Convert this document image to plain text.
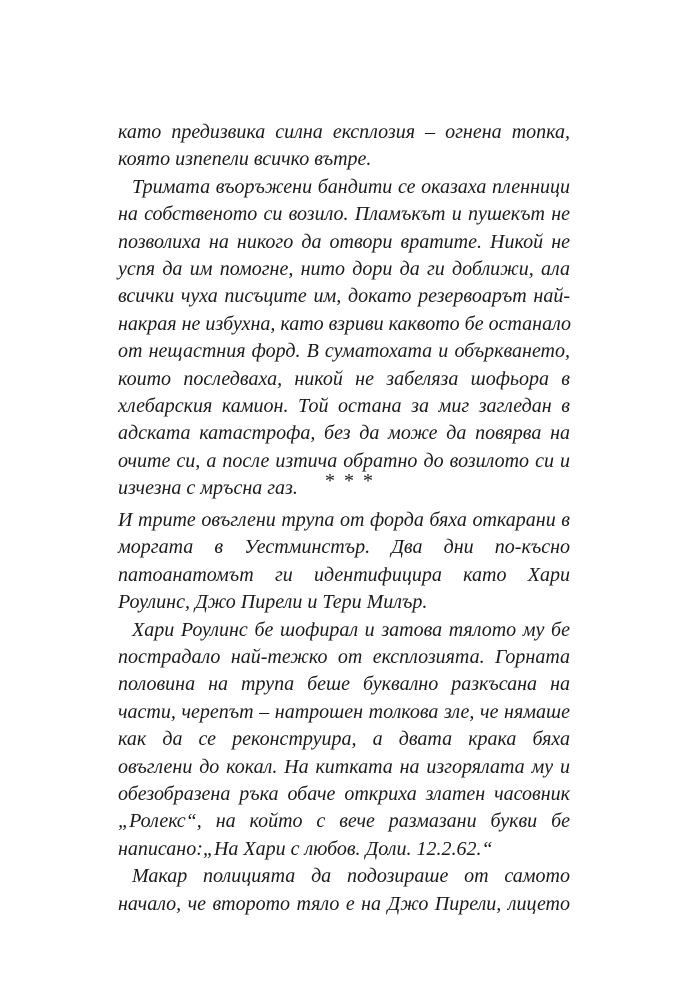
като предизвика силна експлозия – огнена топка,
която изпепели всичко вътре.

Тримата въоръжени бандити се оказаха пленници
на собственото си возило. Пламъкът и пушекът не
позволиха на никого да отвори вратите. Никой не
успя да им помогне, нито дори да ги доближи, ала
всички чуха писъците им, докато резервоарът най-
накрая не избухна, като взриви каквото бе останало
от нещастния форд. В суматохата и объркването,
които последваха, никой не забеляза шофьора в
хлебарския камион. Той остана за миг загледан в
адската катастрофа, без да може да повярва на
очите си, а после изтича обратно до возилото си и
изчезна с мръсна газ.	* * *

И трите овъглени трупа от форда бяха откарани в
моргата в Уестминстър. Два дни по-късно
патоанатомът ги идентифицира като Хари
Роулинс, Джо Пирели и Тери Милър.

Хари Роулинс бе шофирал и затова тялото му бе
пострадало най-тежко от експлозията. Горната
половина на трупа беше буквално разкъсана на
части, черепът – натрошен толкова зле, че нямаше
как да се реконструира, а двата крака бяха
овъглени до кокал. На китката на изгорялата му и
обезобразена ръка обаче откриха златен часовник
„Ролекс“, на който с вече размазани букви бе
написано:„На Хари с любов. Доли. 12.2.62.“

Макар полицията да подозираше от самото
начало, че второто тяло е на Джо Пирели, лицето
